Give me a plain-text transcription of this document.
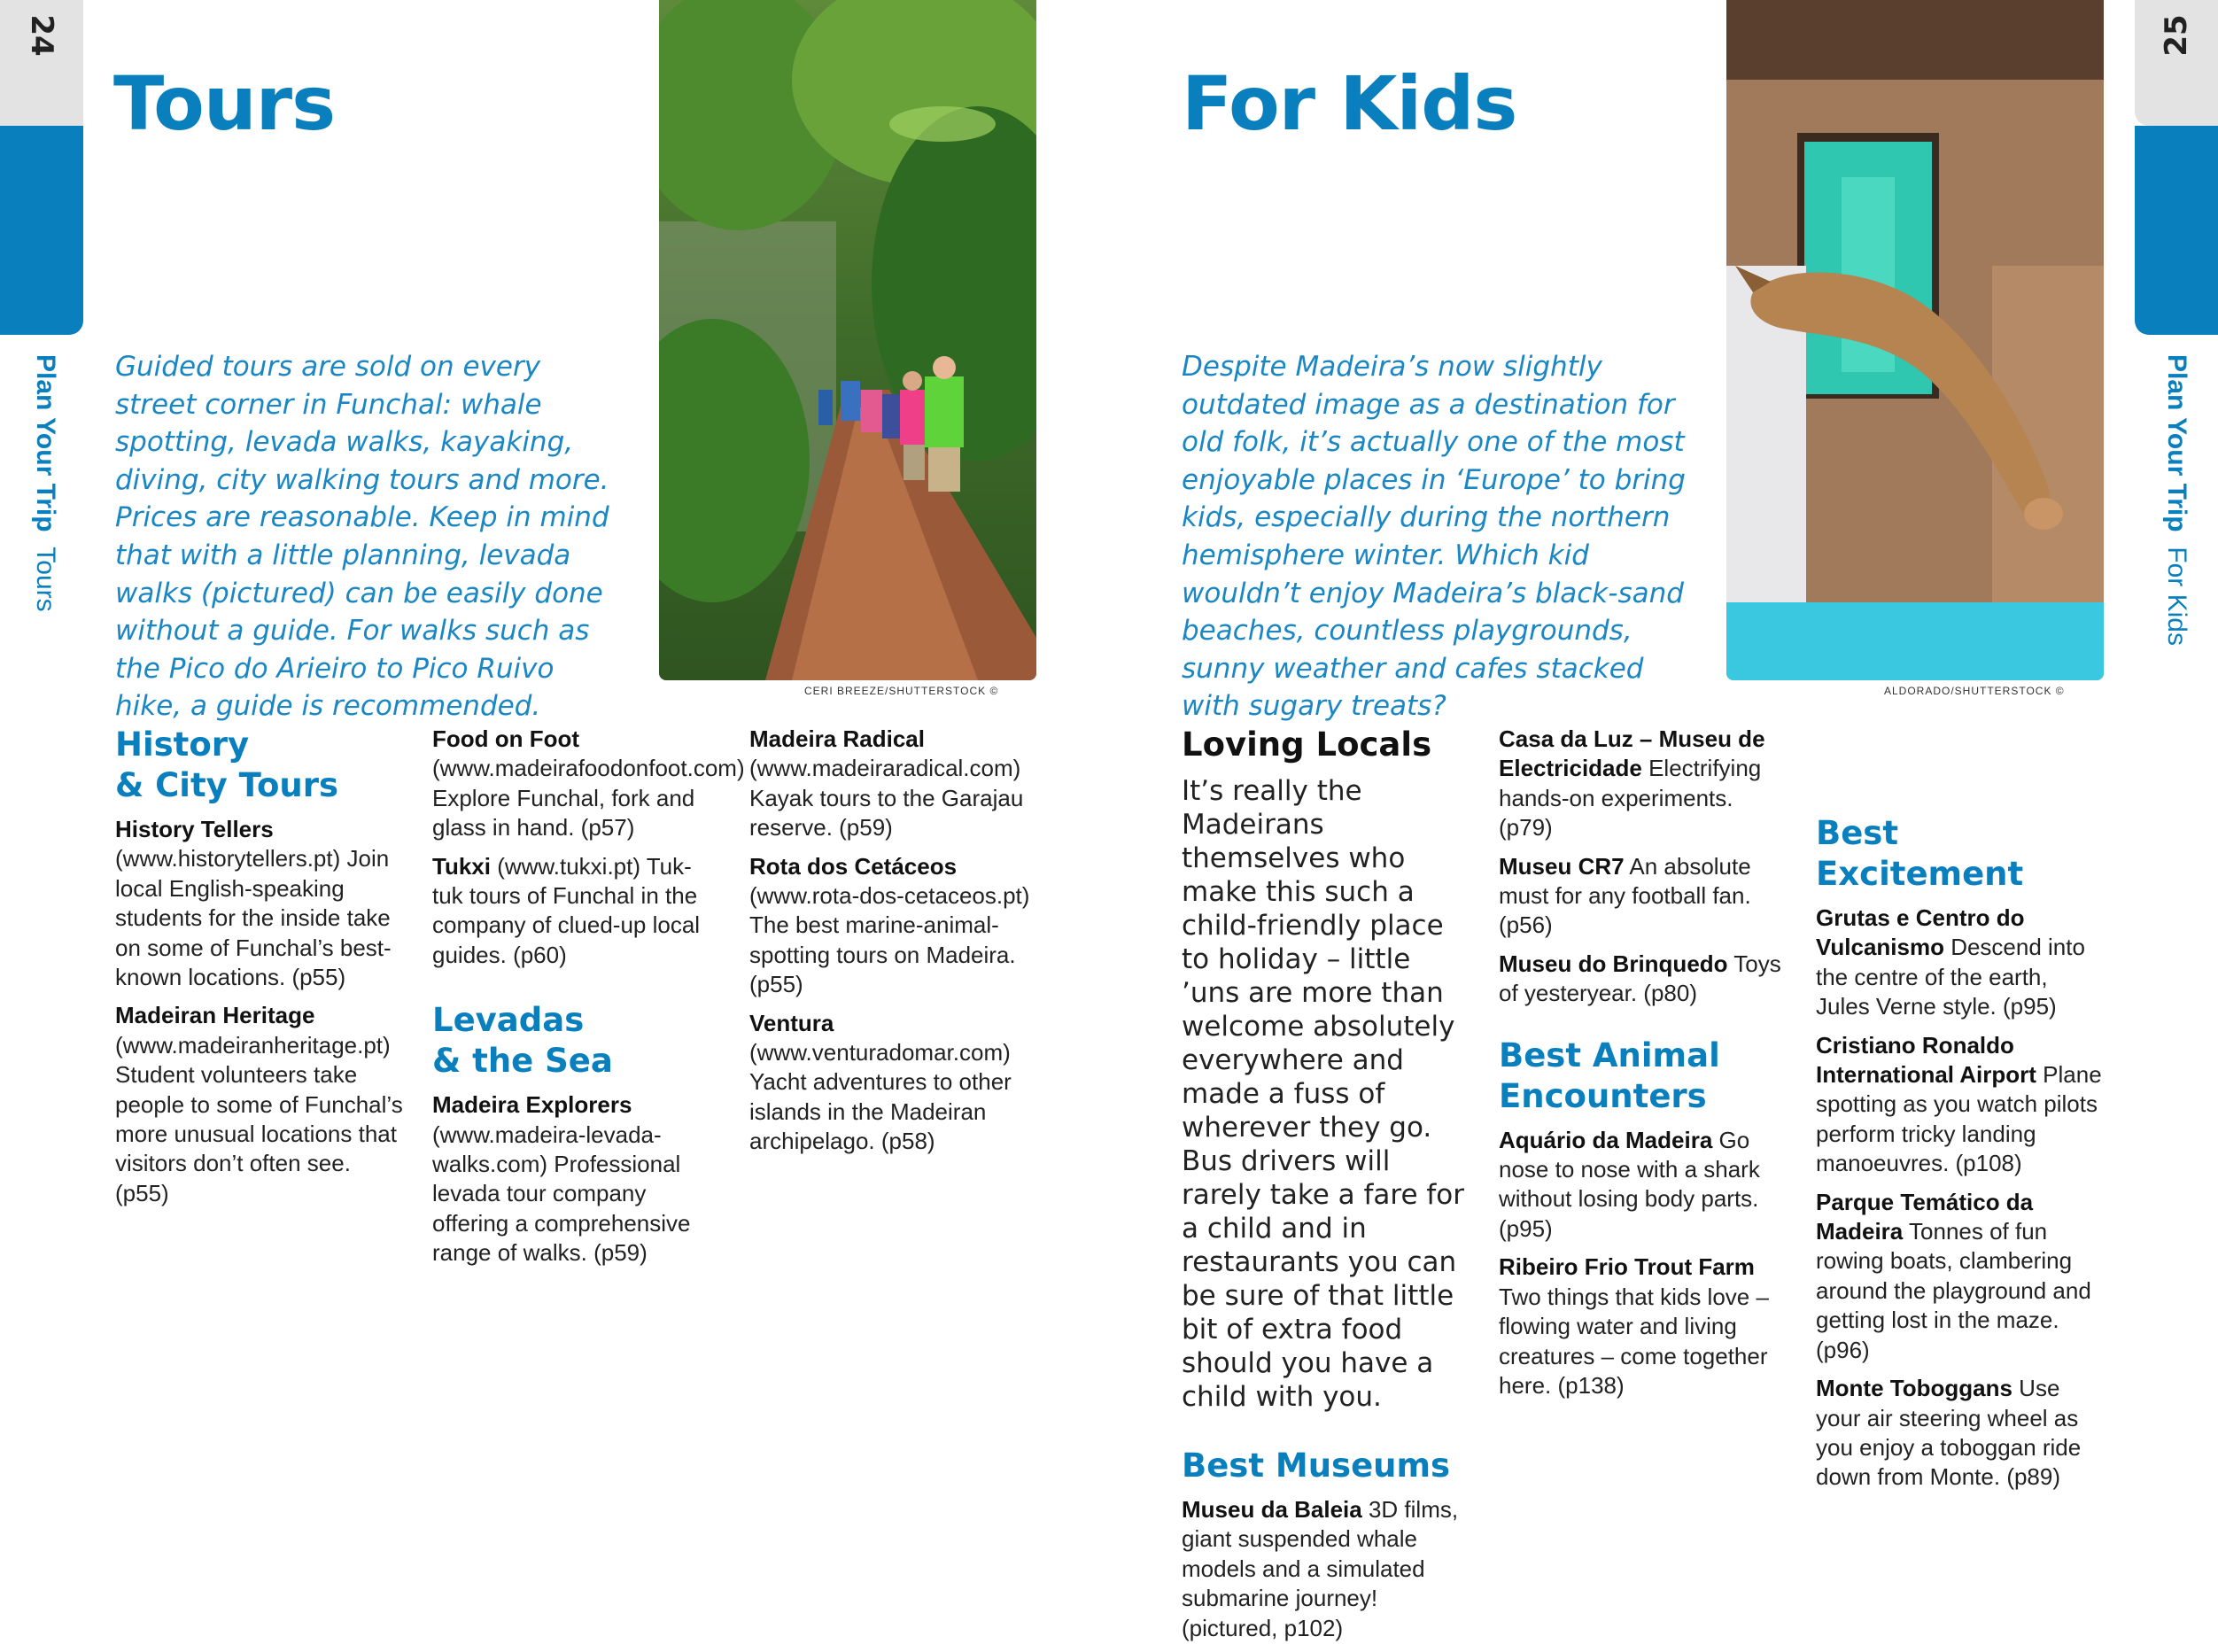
24
Plan Your Trip  Tours
Tours
Guided tours are sold on every street corner in Funchal: whale spotting, levada walks, kayaking, diving, city walking tours and more. Prices are reasonable. Keep in mind that with a little planning, levada walks (pictured) can be easily done without a guide. For walks such as the Pico do Arieiro to Pico Ruivo hike, a guide is recommended.	CERI BREEZE/SHUTTERSTOCK ©
History
& City Tours
History Tellers (www.historytellers.pt) Join local English-speaking students for the inside take on some of Funchal’s best-known locations. (p55)
Madeiran Heritage (www.madeiranheritage.pt) Student volunteers take people to some of Funchal’s more unusual locations that visitors don’t often see. (p55)
Food on Foot (www.madeirafoodonfoot.com) Explore Funchal, fork and glass in hand. (p57)
Tukxi (www.tukxi.pt) Tuk-tuk tours of Funchal in the company of clued-up local guides. (p60)
Levadas
& the Sea
Madeira Explorers (www.madeira-levada-walks.com) Professional levada tour company offering a comprehensive range of walks. (p59)
Madeira Radical (www.madeiraradical.com) Kayak tours to the Garajau reserve. (p59)
Rota dos Cetáceos (www.rota-dos-cetaceos.pt) The best marine-animal-spotting tours on Madeira. (p55)
Ventura (www.venturadomar.com) Yacht adventures to other islands in the Madeiran archipelago. (p58)
25
Plan Your Trip  For Kids
For Kids
Despite Madeira’s now slightly outdated image as a destination for old folk, it’s actually one of the most enjoyable places in ‘Europe’ to bring kids, especially during the northern hemisphere winter. Which kid wouldn’t enjoy Madeira’s black-sand beaches, countless playgrounds, sunny weather and cafes stacked with sugary treats?	ALDORADO/SHUTTERSTOCK ©
Loving Locals
It’s really the Madeirans themselves who make this such a child-friendly place to holiday – little ’uns are more than welcome absolutely everywhere and made a fuss of wherever they go. Bus drivers will rarely take a fare for a child and in restaurants you can be sure of that little bit of extra food should you have a child with you.
Best Museums
Museu da Baleia 3D films, giant suspended whale models and a simulated submarine journey! (pictured, p102)
Casa da Luz – Museu de Electricidade Electrifying hands-on experiments. (p79)
Museu CR7 An absolute must for any football fan. (p56)
Museu do Brinquedo Toys of yesteryear. (p80)
Best Animal
Encounters
Aquário da Madeira Go nose to nose with a shark without losing body parts. (p95)
Ribeiro Frio Trout Farm Two things that kids love – flowing water and living creatures – come together here. (p138)
Best Excitement
Grutas e Centro do Vulcanismo Descend into the centre of the earth, Jules Verne style. (p95)
Cristiano Ronaldo International Airport Plane spotting as you watch pilots perform tricky landing manoeuvres. (p108)
Parque Temático da Madeira Tonnes of fun rowing boats, clambering around the playground and getting lost in the maze. (p96)
Monte Toboggans Use your air steering wheel as you enjoy a toboggan ride down from Monte. (p89)
